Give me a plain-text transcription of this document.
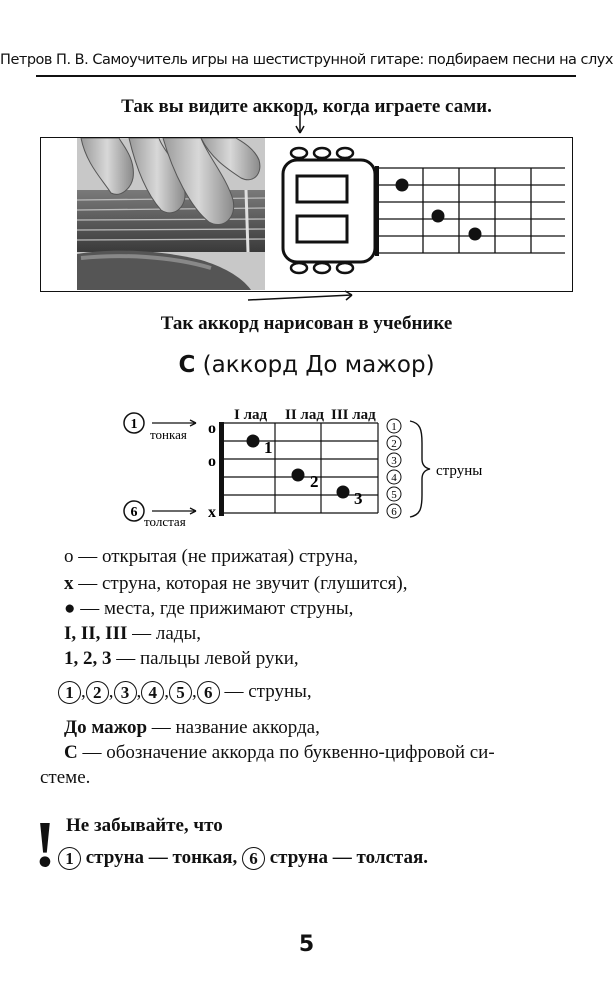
Петров П. В. Самоучитель игры на шестиструнной гитаре: подбираем песни на слух
Так вы видите аккорд, когда играете сами.
Так аккорд нарисован в учебнике
С (аккорд До мажор)
I лад II лад III лад
1
тонкая
6
толстая
o
o
x
1
2
3
1
2
3
4
5
6
струны
о — открытая (не прижатая) струна,
х — струна, которая не звучит (глушится),
● — места, где прижимают струны,
I, II, III — лады,
1, 2, 3 — пальцы левой руки,
1 , 2 , 3 , 4 , 5 , 6 — струны,
До мажор — название аккорда,
С — обозначение аккорда по буквенно-цифровой си-
стеме.
! Не забывайте, что
1 струна — тонкая, 6 струна — толстая.
5
